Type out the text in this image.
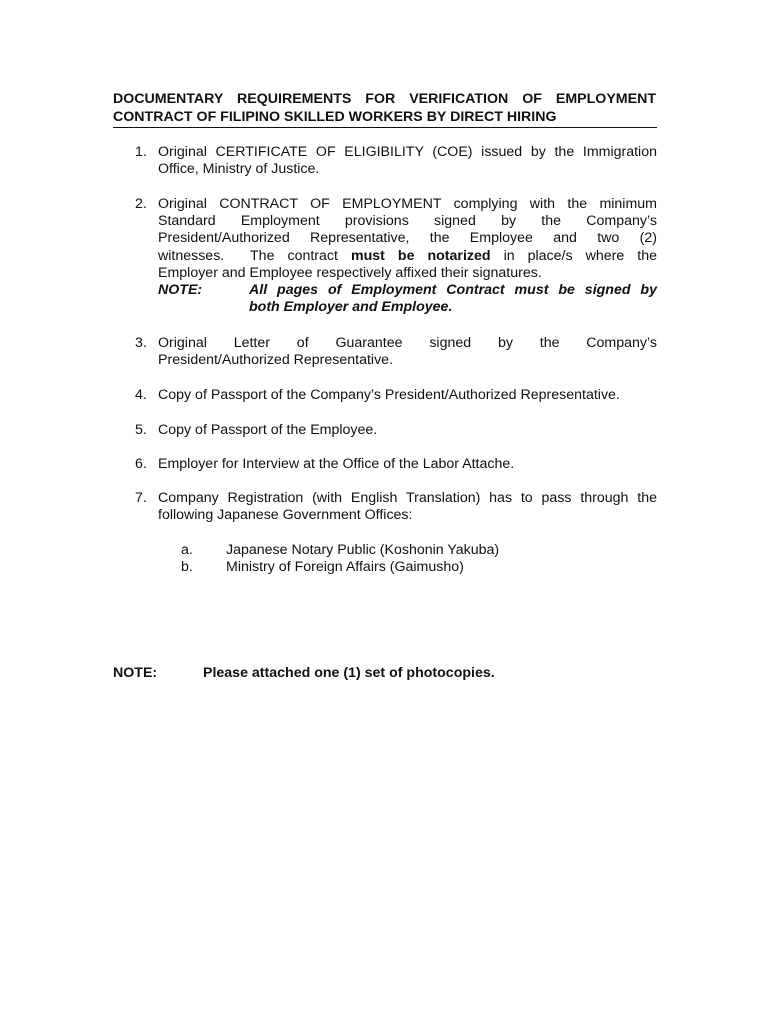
DOCUMENTARY REQUIREMENTS FOR VERIFICATION OF EMPLOYMENT
CONTRACT OF FILIPINO SKILLED WORKERS BY DIRECT HIRING
1. Original CERTIFICATE OF ELIGIBILITY (COE) issued by the Immigration
Office, Ministry of Justice.
2. Original CONTRACT OF EMPLOYMENT complying with the minimum
Standard Employment provisions signed by the Company’s
President/Authorized Representative, the Employee and two (2)
witnesses.  The contract must be notarized in place/s where the
Employer and Employee respectively affixed their signatures.
NOTE:	All pages of Employment Contract must be signed by
both Employer and Employee.
3. Original Letter of Guarantee signed by the Company’s
President/Authorized Representative.
4. Copy of Passport of the Company’s President/Authorized Representative.
5. Copy of Passport of the Employee.
6. Employer for Interview at the Office of the Labor Attache.
7. Company Registration (with English Translation) has to pass through the
following Japanese Government Offices:
a. Japanese Notary Public (Koshonin Yakuba)
b. Ministry of Foreign Affairs (Gaimusho)
NOTE:	Please attached one (1) set of photocopies.
